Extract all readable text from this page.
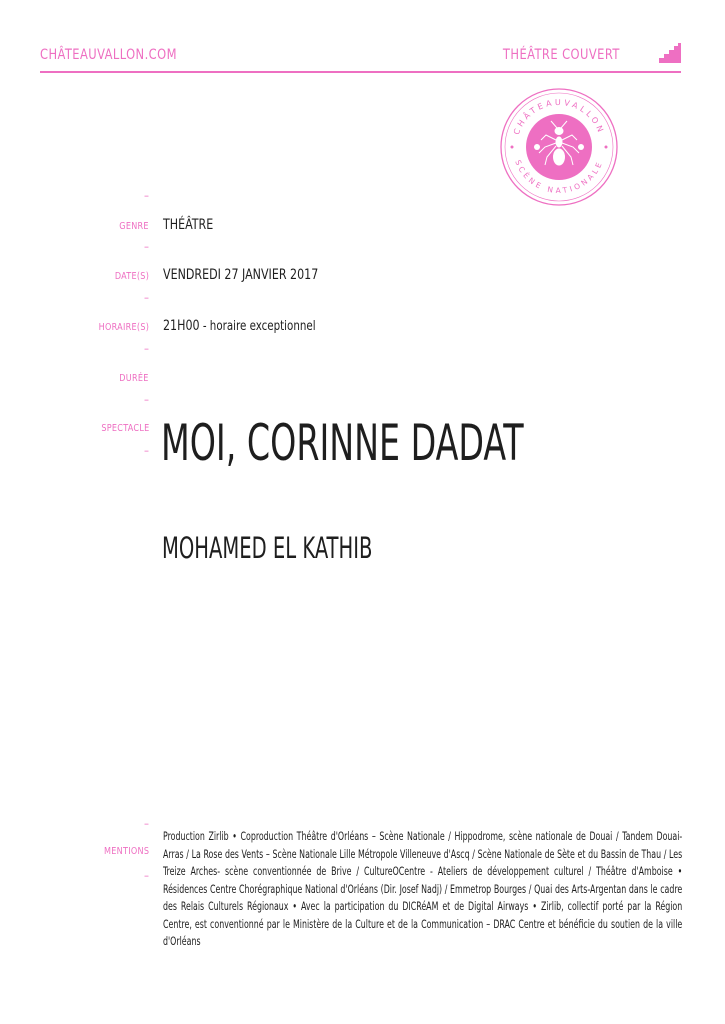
CHÂTEAUVALLON.COM	THÉÂTRE COUVERT
CHÂTEAUVALLON
SCÈNE NATIONALE
–
GENRE THÉÂTRE
–
DATE(S) VENDREDI 27 JANVIER 2017
–
HORAIRE(S) 21H00 - horaire exceptionnel
–
DURÉE
–
SPECTACLE
– MOI, CORINNE DADAT
MOHAMED EL KATHIB
–
MENTIONS
–
Production Zirlib • Coproduction Théâtre d'Orléans – Scène Nationale / Hippodrome, scène nationale de Douai / Tandem Douai-Arras / La Rose des Vents – Scène Nationale Lille Métropole Villeneuve d'Ascq / Scène Nationale de Sète et du Bassin de Thau / Les Treize Arches- scène conventionnée de Brive / CultureOCentre - Ateliers de développement culturel / Théâtre d'Amboise • Résidences Centre Chorégraphique National d'Orléans (Dir. Josef Nadj) / Emmetrop Bourges / Quai des Arts-Argentan dans le cadre des Relais Culturels Régionaux • Avec la participation du DICRéAM et de Digital Airways • Zirlib, collectif porté par la Région Centre, est conventionné par le Ministère de la Culture et de la Communication – DRAC Centre et bénéficie du soutien de la ville d'Orléans
